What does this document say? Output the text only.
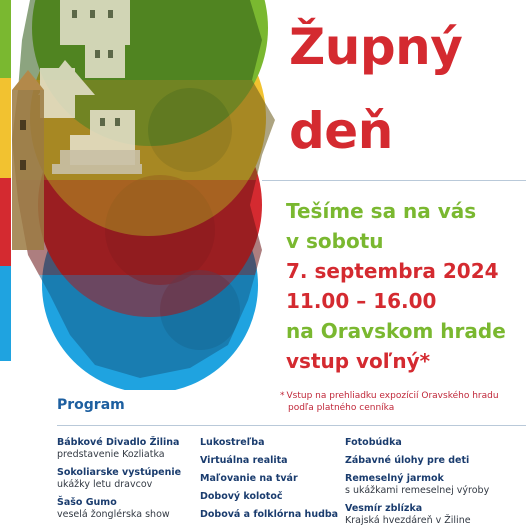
Župný
deň
Tešíme sa na vás
v sobotu
7. septembra 2024
11.00 – 16.00
na Oravskom hrade
vstup voľný*
* Vstup na prehliadku expozícií Oravského hradu
podľa platného cenníka
Program
Bábkové Divadlo Žilina
predstavenie Kozliatka
Sokoliarske vystúpenie
ukážky letu dravcov
Šašo Gumo
veselá žonglérska show
Lukostreľba
Virtuálna realita
Maľovanie na tvár
Dobový kolotoč
Dobová a folklórna hudba
Fotobúdka
Zábavné úlohy pre deti
Remeselný jarmok
s ukážkami remeselnej výroby
Vesmír zblízka
Krajská hvezdáreň v Žiline
